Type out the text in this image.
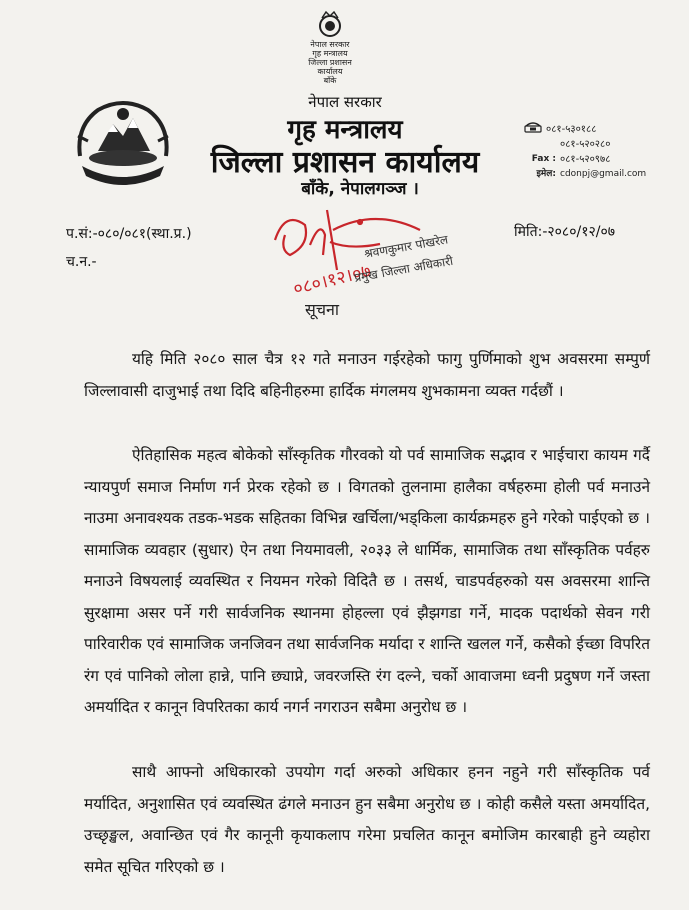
नेपाल सरकार
गृह मन्त्रालय
जिल्ला प्रशासन कार्यालय
बाँके
नेपाल सरकार
गृह मन्त्रालय
जिल्ला प्रशासन कार्यालय
बाँके, नेपालगञ्ज ।
०८१-५३०१८८
०८१-५२०२८०
Fax : ०८१-५२०९७८
इमेल: cdonpj@gmail.com
प.सं:-०८०/०८१(स्था.प्र.)
च.न.-
मिति:-२०८०/१२/०७
०८०।१२।०७
श्रवणकुमार पोखरेल
प्रमुख जिल्ला अधिकारी
सूचना
यहि मिति २०८० साल चैत्र १२ गते मनाउन गईरहेको फागु पुर्णिमाको शुभ अवसरमा सम्पुर्ण जिल्लावासी दाजुभाई तथा दिदि बहिनीहरुमा हार्दिक मंगलमय शुभकामना व्यक्त गर्दछौं ।
ऐतिहासिक महत्व बोकेको साँस्कृतिक गौरवको यो पर्व सामाजिक सद्भाव र भाईचारा कायम गर्दै न्यायपुर्ण समाज निर्माण गर्न प्रेरक रहेको छ । विगतको तुलनामा हालैका वर्षहरुमा होली पर्व मनाउने नाउमा अनावश्यक तडक-भडक सहितका विभिन्न खर्चिला/भड्किला कार्यक्रमहरु हुने गरेको पाईएको छ । सामाजिक व्यवहार (सुधार) ऐन तथा नियमावली, २०३३ ले धार्मिक, सामाजिक तथा साँस्कृतिक पर्वहरु मनाउने विषयलाई व्यवस्थित र नियमन गरेको विदितै छ । तसर्थ, चाडपर्वहरुको यस अवसरमा शान्ति सुरक्षामा असर पर्ने गरी सार्वजनिक स्थानमा होहल्ला एवं झैझगडा गर्ने, मादक पदार्थको सेवन गरी पारिवारीक एवं सामाजिक जनजिवन तथा सार्वजनिक मर्यादा र शान्ति खलल गर्ने, कसैको ईच्छा विपरित रंग एवं पानिको लोला हान्ने, पानि छ्याप्ने, जवरजस्ति रंग दल्ने, चर्को आवाजमा ध्वनी प्रदुषण गर्ने जस्ता अमर्यादित र कानून विपरितका कार्य नगर्न नगराउन सबैमा अनुरोध छ ।
साथै आफ्नो अधिकारको उपयोग गर्दा अरुको अधिकार हनन नहुने गरी साँस्कृतिक पर्व मर्यादित, अनुशासित एवं व्यवस्थित ढंगले मनाउन हुन सबैमा अनुरोध छ । कोही कसैले यस्ता अमर्यादित, उच्छृङ्खल, अवान्छित एवं गैर कानूनी कृयाकलाप गरेमा प्रचलित कानून बमोजिम कारबाही हुने व्यहोरा समेत सूचित गरिएको छ ।
